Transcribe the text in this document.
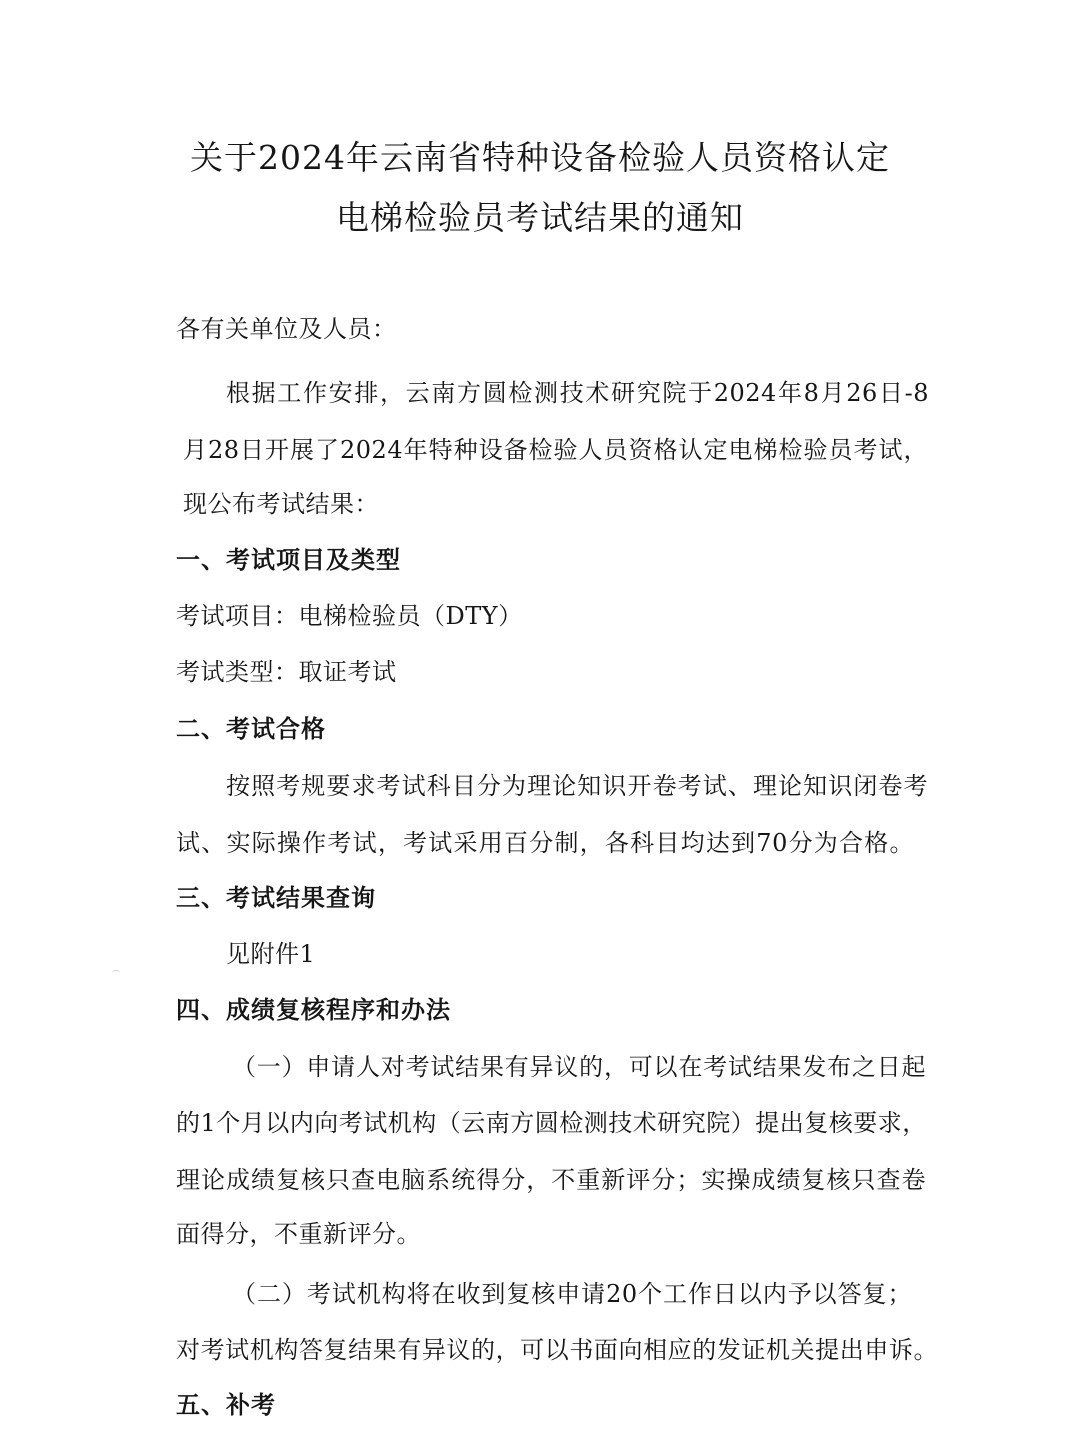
关于2024年云南省特种设备检验人员资格认定
电梯检验员考试结果的通知
各有关单位及人员：
根据工作安排，云南方圆检测技术研究院于2024年8月26日-8
月28日开展了2024年特种设备检验人员资格认定电梯检验员考试，
现公布考试结果：
一、考试项目及类型
考试项目：电梯检验员（DTY）
考试类型：取证考试
二、考试合格
按照考规要求考试科目分为理论知识开卷考试、理论知识闭卷考
试、实际操作考试，考试采用百分制，各科目均达到70分为合格。
三、考试结果查询
见附件1
四、成绩复核程序和办法
（一）申请人对考试结果有异议的，可以在考试结果发布之日起
的1个月以内向考试机构（云南方圆检测技术研究院）提出复核要求，
理论成绩复核只查电脑系统得分，不重新评分；实操成绩复核只查卷
面得分，不重新评分。
（二）考试机构将在收到复核申请20个工作日以内予以答复；
对考试机构答复结果有异议的，可以书面向相应的发证机关提出申诉。
五、补考
